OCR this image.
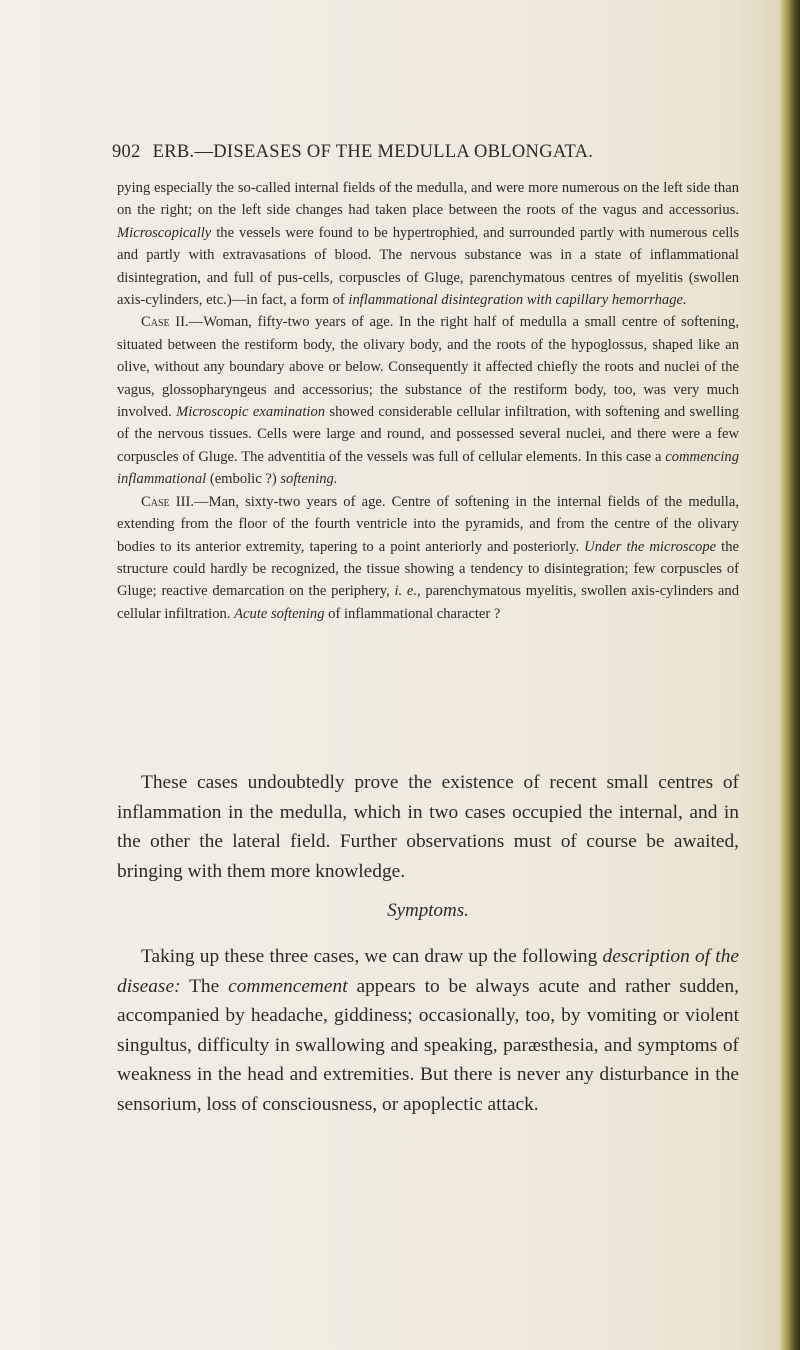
902 ERB.—DISEASES OF THE MEDULLA OBLONGATA.

pying especially the so-called internal fields of the medulla, and were more numerous on the left side than on the right; on the left side changes had taken place between the roots of the vagus and accessorius. Microscopically the vessels were found to be hypertrophied, and surrounded partly with numerous cells and partly with extravasations of blood. The nervous substance was in a state of inflammational disintegration, and full of pus-cells, corpuscles of Gluge, parenchymatous centres of myelitis (swollen axis-cylinders, etc.)—in fact, a form of inflammational disintegration with capillary hemorrhage.

Case II.—Woman, fifty-two years of age. In the right half of medulla a small centre of softening, situated between the restiform body, the olivary body, and the roots of the hypoglossus, shaped like an olive, without any boundary above or below. Consequently it affected chiefly the roots and nuclei of the vagus, glossopharyngeus and accessorius; the substance of the restiform body, too, was very much involved. Microscopic examination showed considerable cellular infiltration, with softening and swelling of the nervous tissues. Cells were large and round, and possessed several nuclei, and there were a few corpuscles of Gluge. The adventitia of the vessels was full of cellular elements. In this case a commencing inflammational (embolic ?) softening.

Case III.—Man, sixty-two years of age. Centre of softening in the internal fields of the medulla, extending from the floor of the fourth ventricle into the pyramids, and from the centre of the olivary bodies to its anterior extremity, tapering to a point anteriorly and posteriorly. Under the microscope the structure could hardly be recognized, the tissue showing a tendency to disintegration; few corpuscles of Gluge; reactive demarcation on the periphery, i. e., parenchymatous myelitis, swollen axis-cylinders and cellular infiltration. Acute softening of inflammational character ?

These cases undoubtedly prove the existence of recent small centres of inflammation in the medulla, which in two cases occupied the internal, and in the other the lateral field. Further observations must of course be awaited, bringing with them more knowledge.

Symptoms.

Taking up these three cases, we can draw up the following description of the disease: The commencement appears to be always acute and rather sudden, accompanied by headache, giddiness; occasionally, too, by vomiting or violent singultus, difficulty in swallowing and speaking, paræsthesia, and symptoms of weakness in the head and extremities. But there is never any disturbance in the sensorium, loss of consciousness, or apoplectic attack.
